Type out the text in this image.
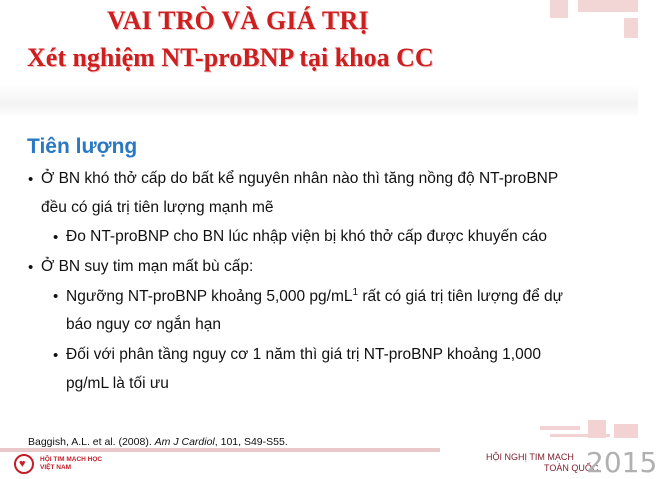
VAI TRÒ VÀ GIÁ TRỊ
Xét nghiệm NT-proBNP tại khoa CC
Tiên lượng
• Ở BN khó thở cấp do bất kể nguyên nhân nào thì tăng nồng độ NT-proBNP
đều có giá trị tiên lượng mạnh mẽ
• Đo NT-proBNP cho BN lúc nhập viện bị khó thở cấp được khuyến cáo
• Ở BN suy tim mạn mất bù cấp:
• Ngưỡng NT-proBNP khoảng 5,000 $pg/mL^1$ rất có giá trị tiên lượng để dự
báo nguy cơ ngắn hạn
• Đối với phân tầng nguy cơ 1 năm thì giá trị NT-proBNP khoảng 1,000
pg/mL là tối ưu
Baggish, A.L. et al. (2008). Am J Cardiol, 101, S49-S55.
♥ HỘI TIM MẠCH HỌC
VIỆT NAM
HỘI NGHỊ TIM MẠCH
TOÀN QUỐC
2015
